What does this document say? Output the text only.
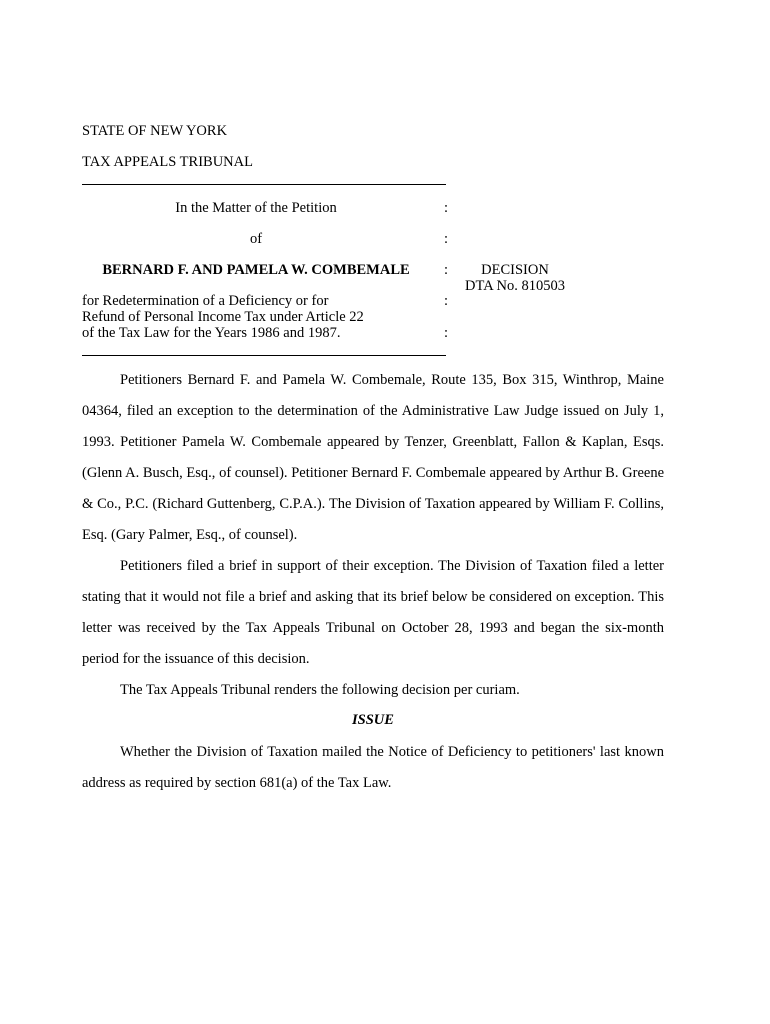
STATE OF NEW YORK
TAX APPEALS TRIBUNAL
In the Matter of the Petition
of
BERNARD F. AND PAMELA W. COMBEMALE
for Redetermination of a Deficiency or for
Refund of Personal Income Tax under Article 22
of the Tax Law for the Years 1986 and 1987.
:
:
:
:
:
DECISION
DTA No. 810503
Petitioners Bernard F. and Pamela W. Combemale, Route 135, Box 315, Winthrop, Maine 04364, filed an exception to the determination of the Administrative Law Judge issued on July 1, 1993. Petitioner Pamela W. Combemale appeared by Tenzer, Greenblatt, Fallon & Kaplan, Esqs. (Glenn A. Busch, Esq., of counsel). Petitioner Bernard F. Combemale appeared by Arthur B. Greene & Co., P.C. (Richard Guttenberg, C.P.A.). The Division of Taxation appeared by William F. Collins, Esq. (Gary Palmer, Esq., of counsel).
Petitioners filed a brief in support of their exception. The Division of Taxation filed a letter stating that it would not file a brief and asking that its brief below be considered on exception. This letter was received by the Tax Appeals Tribunal on October 28, 1993 and began the six-month period for the issuance of this decision.
The Tax Appeals Tribunal renders the following decision per curiam.
ISSUE
Whether the Division of Taxation mailed the Notice of Deficiency to petitioners' last known address as required by section 681(a) of the Tax Law.
